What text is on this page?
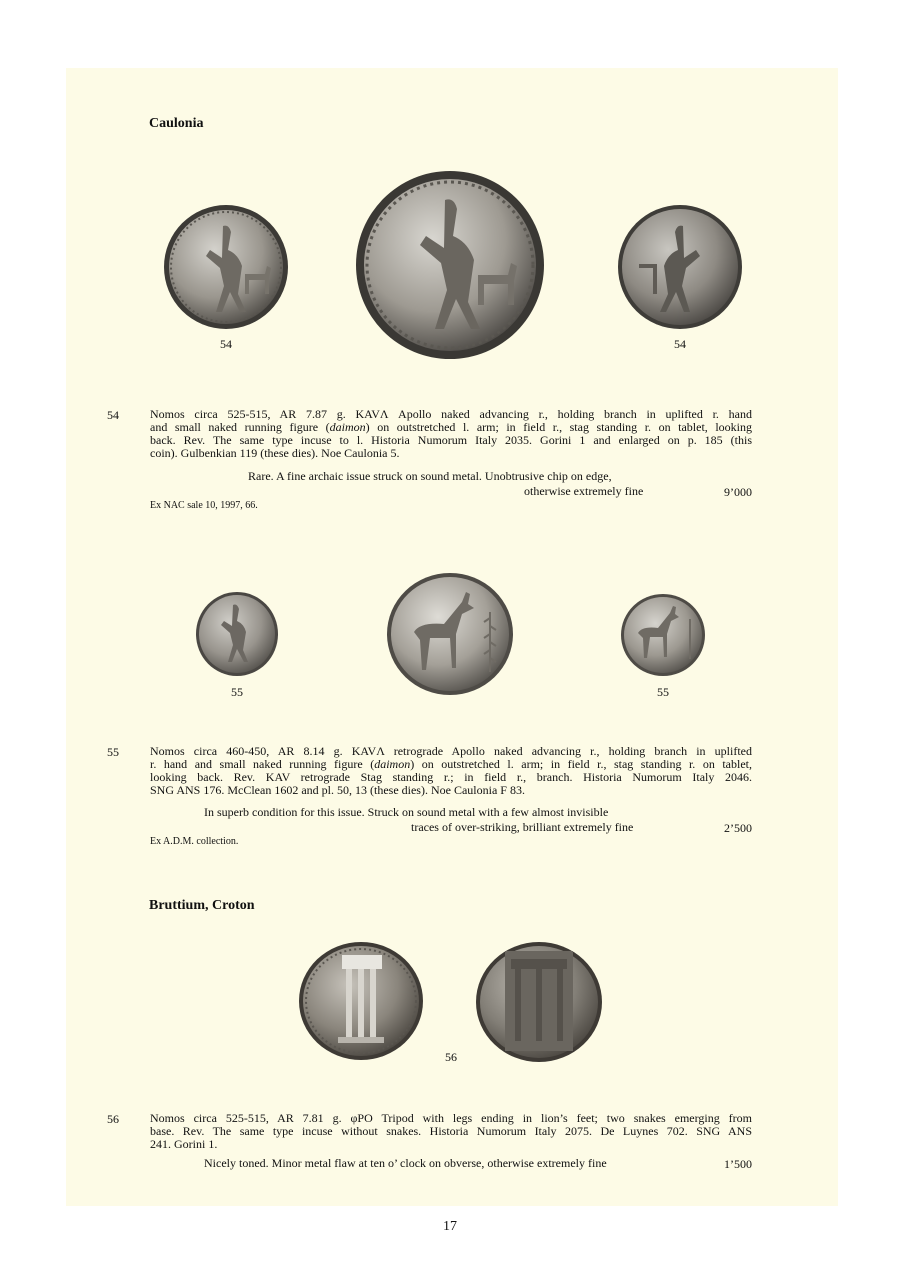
Caulonia
54	54
54	Nomos circa 525-515, AR 7.87 g. KAVΛ Apollo naked advancing r., holding branch in uplifted r. hand
and small naked running figure (daimon) on outstretched l. arm; in field r., stag standing r. on tablet, looking
back. Rev. The same type incuse to l. Historia Numorum Italy 2035. Gorini 1 and enlarged on p. 185 (this
coin). Gulbenkian 119 (these dies). Noe Caulonia 5.
Rare. A fine archaic issue struck on sound metal. Unobtrusive chip on edge,
otherwise extremely fine	9’000
Ex NAC sale 10, 1997, 66.
55	55
55	Nomos circa 460-450, AR 8.14 g. KAVΛ retrograde Apollo naked advancing r., holding branch in uplifted
r. hand and small naked running figure (daimon) on outstretched l. arm; in field r., stag standing r. on tablet,
looking back. Rev. KAV retrograde Stag standing r.; in field r., branch. Historia Numorum Italy 2046.
SNG ANS 176. McClean 1602 and pl. 50, 13 (these dies). Noe Caulonia F 83.
In superb condition for this issue. Struck on sound metal with a few almost invisible
traces of over-striking, brilliant extremely fine	2’500
Ex A.D.M. collection.
Bruttium, Croton
56
56	Nomos circa 525-515, AR 7.81 g. φPO Tripod with legs ending in lion’s feet; two snakes emerging from
base. Rev. The same type incuse without snakes. Historia Numorum Italy 2075. De Luynes 702. SNG ANS
241. Gorini 1.
Nicely toned. Minor metal flaw at ten o’ clock on obverse, otherwise extremely fine	1’500
17
